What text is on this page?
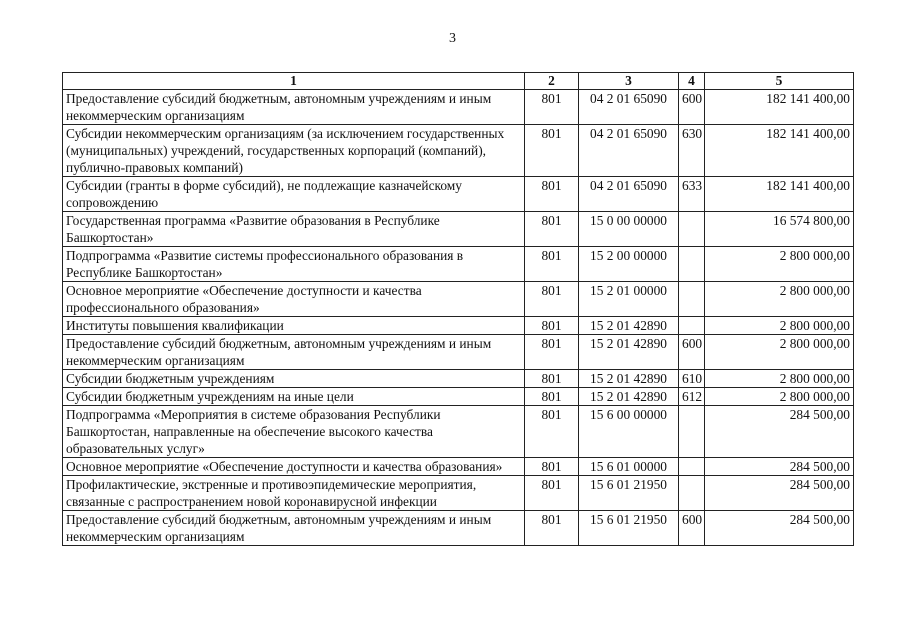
3
1	2	3	4	5
Предоставление субсидий бюджетным, автономным учреждениям и иным некоммерческим организациям	801	04 2 01 65090	600	182 141 400,00
Субсидии некоммерческим организациям (за исключением государственных (муниципальных) учреждений, государственных корпораций (компаний), публично-правовых компаний)	801	04 2 01 65090	630	182 141 400,00
Субсидии (гранты в форме субсидий), не подлежащие казначейскому сопровождению	801	04 2 01 65090	633	182 141 400,00
Государственная программа «Развитие образования в Республике Башкортостан»	801	15 0 00 00000		16 574 800,00
Подпрограмма «Развитие системы профессионального образования в Республике Башкортостан»	801	15 2 00 00000		2 800 000,00
Основное мероприятие «Обеспечение доступности и качества профессионального образования»	801	15 2 01 00000		2 800 000,00
Институты повышения квалификации	801	15 2 01 42890		2 800 000,00
Предоставление субсидий бюджетным, автономным учреждениям и иным некоммерческим организациям	801	15 2 01 42890	600	2 800 000,00
Субсидии бюджетным учреждениям	801	15 2 01 42890	610	2 800 000,00
Субсидии бюджетным учреждениям на иные цели	801	15 2 01 42890	612	2 800 000,00
Подпрограмма «Мероприятия в системе образования Республики Башкортостан, направленные на обеспечение высокого качества образовательных услуг»	801	15 6 00 00000		284 500,00
Основное мероприятие «Обеспечение доступности и качества образования»	801	15 6 01 00000		284 500,00
Профилактические, экстренные и противоэпидемические мероприятия, связанные с распространением новой коронавирусной инфекции	801	15 6 01 21950		284 500,00
Предоставление субсидий бюджетным, автономным учреждениям и иным некоммерческим организациям	801	15 6 01 21950	600	284 500,00
